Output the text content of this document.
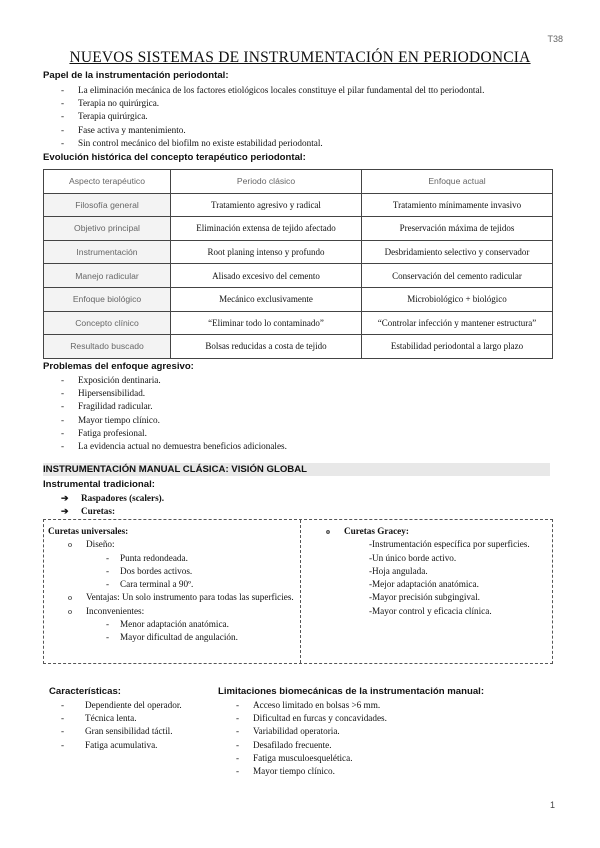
T38
NUEVOS SISTEMAS DE INSTRUMENTACIÓN EN PERIODONCIA
Papel de la instrumentación periodontal:
- La eliminación mecánica de los factores etiológicos locales constituye el pilar fundamental del tto periodontal.
- Terapia no quirúrgica.
- Terapia quirúrgica.
- Fase activa y mantenimiento.
- Sin control mecánico del biofilm no existe estabilidad periodontal.
Evolución histórica del concepto terapéutico periodontal:
Aspecto terapéutico	Periodo clásico	Enfoque actual
Filosofía general	Tratamiento agresivo y radical	Tratamiento mínimamente invasivo
Objetivo principal	Eliminación extensa de tejido afectado	Preservación máxima de tejidos
Instrumentación	Root planing intenso y profundo	Desbridamiento selectivo y conservador
Manejo radicular	Alisado excesivo del cemento	Conservación del cemento radicular
Enfoque biológico	Mecánico exclusivamente	Microbiológico + biológico
Concepto clínico	“Eliminar todo lo contaminado”	“Controlar infección y mantener estructura”
Resultado buscado	Bolsas reducidas a costa de tejido	Estabilidad periodontal a largo plazo
Problemas del enfoque agresivo:
- Exposición dentinaria.
- Hipersensibilidad.
- Fragilidad radicular.
- Mayor tiempo clínico.
- Fatiga profesional.
- La evidencia actual no demuestra beneficios adicionales.
INSTRUMENTACIÓN MANUAL CLÁSICA: VISIÓN GLOBAL
Instrumental tradicional:
➔ Raspadores (scalers).
➔ Curetas:
Curetas universales:
o Diseño:
- Punta redondeada.
- Dos bordes activos.
- Cara terminal a 90º.
o Ventajas: Un solo instrumento para todas las superficies.
o Inconvenientes:
- Menor adaptación anatómica.
- Mayor dificultad de angulación.
o Curetas Gracey:
- Instrumentación específica por superficies.
- Un único borde activo.
- Hoja angulada.
- Mejor adaptación anatómica.
- Mayor precisión subgingival.
- Mayor control y eficacia clínica.
Características:
- Dependiente del operador.
- Técnica lenta.
- Gran sensibilidad táctil.
- Fatiga acumulativa.
Limitaciones biomecánicas de la instrumentación manual:
- Acceso limitado en bolsas >6 mm.
- Dificultad en furcas y concavidades.
- Variabilidad operatoria.
- Desafilado frecuente.
- Fatiga musculoesquelética.
- Mayor tiempo clínico.
1
